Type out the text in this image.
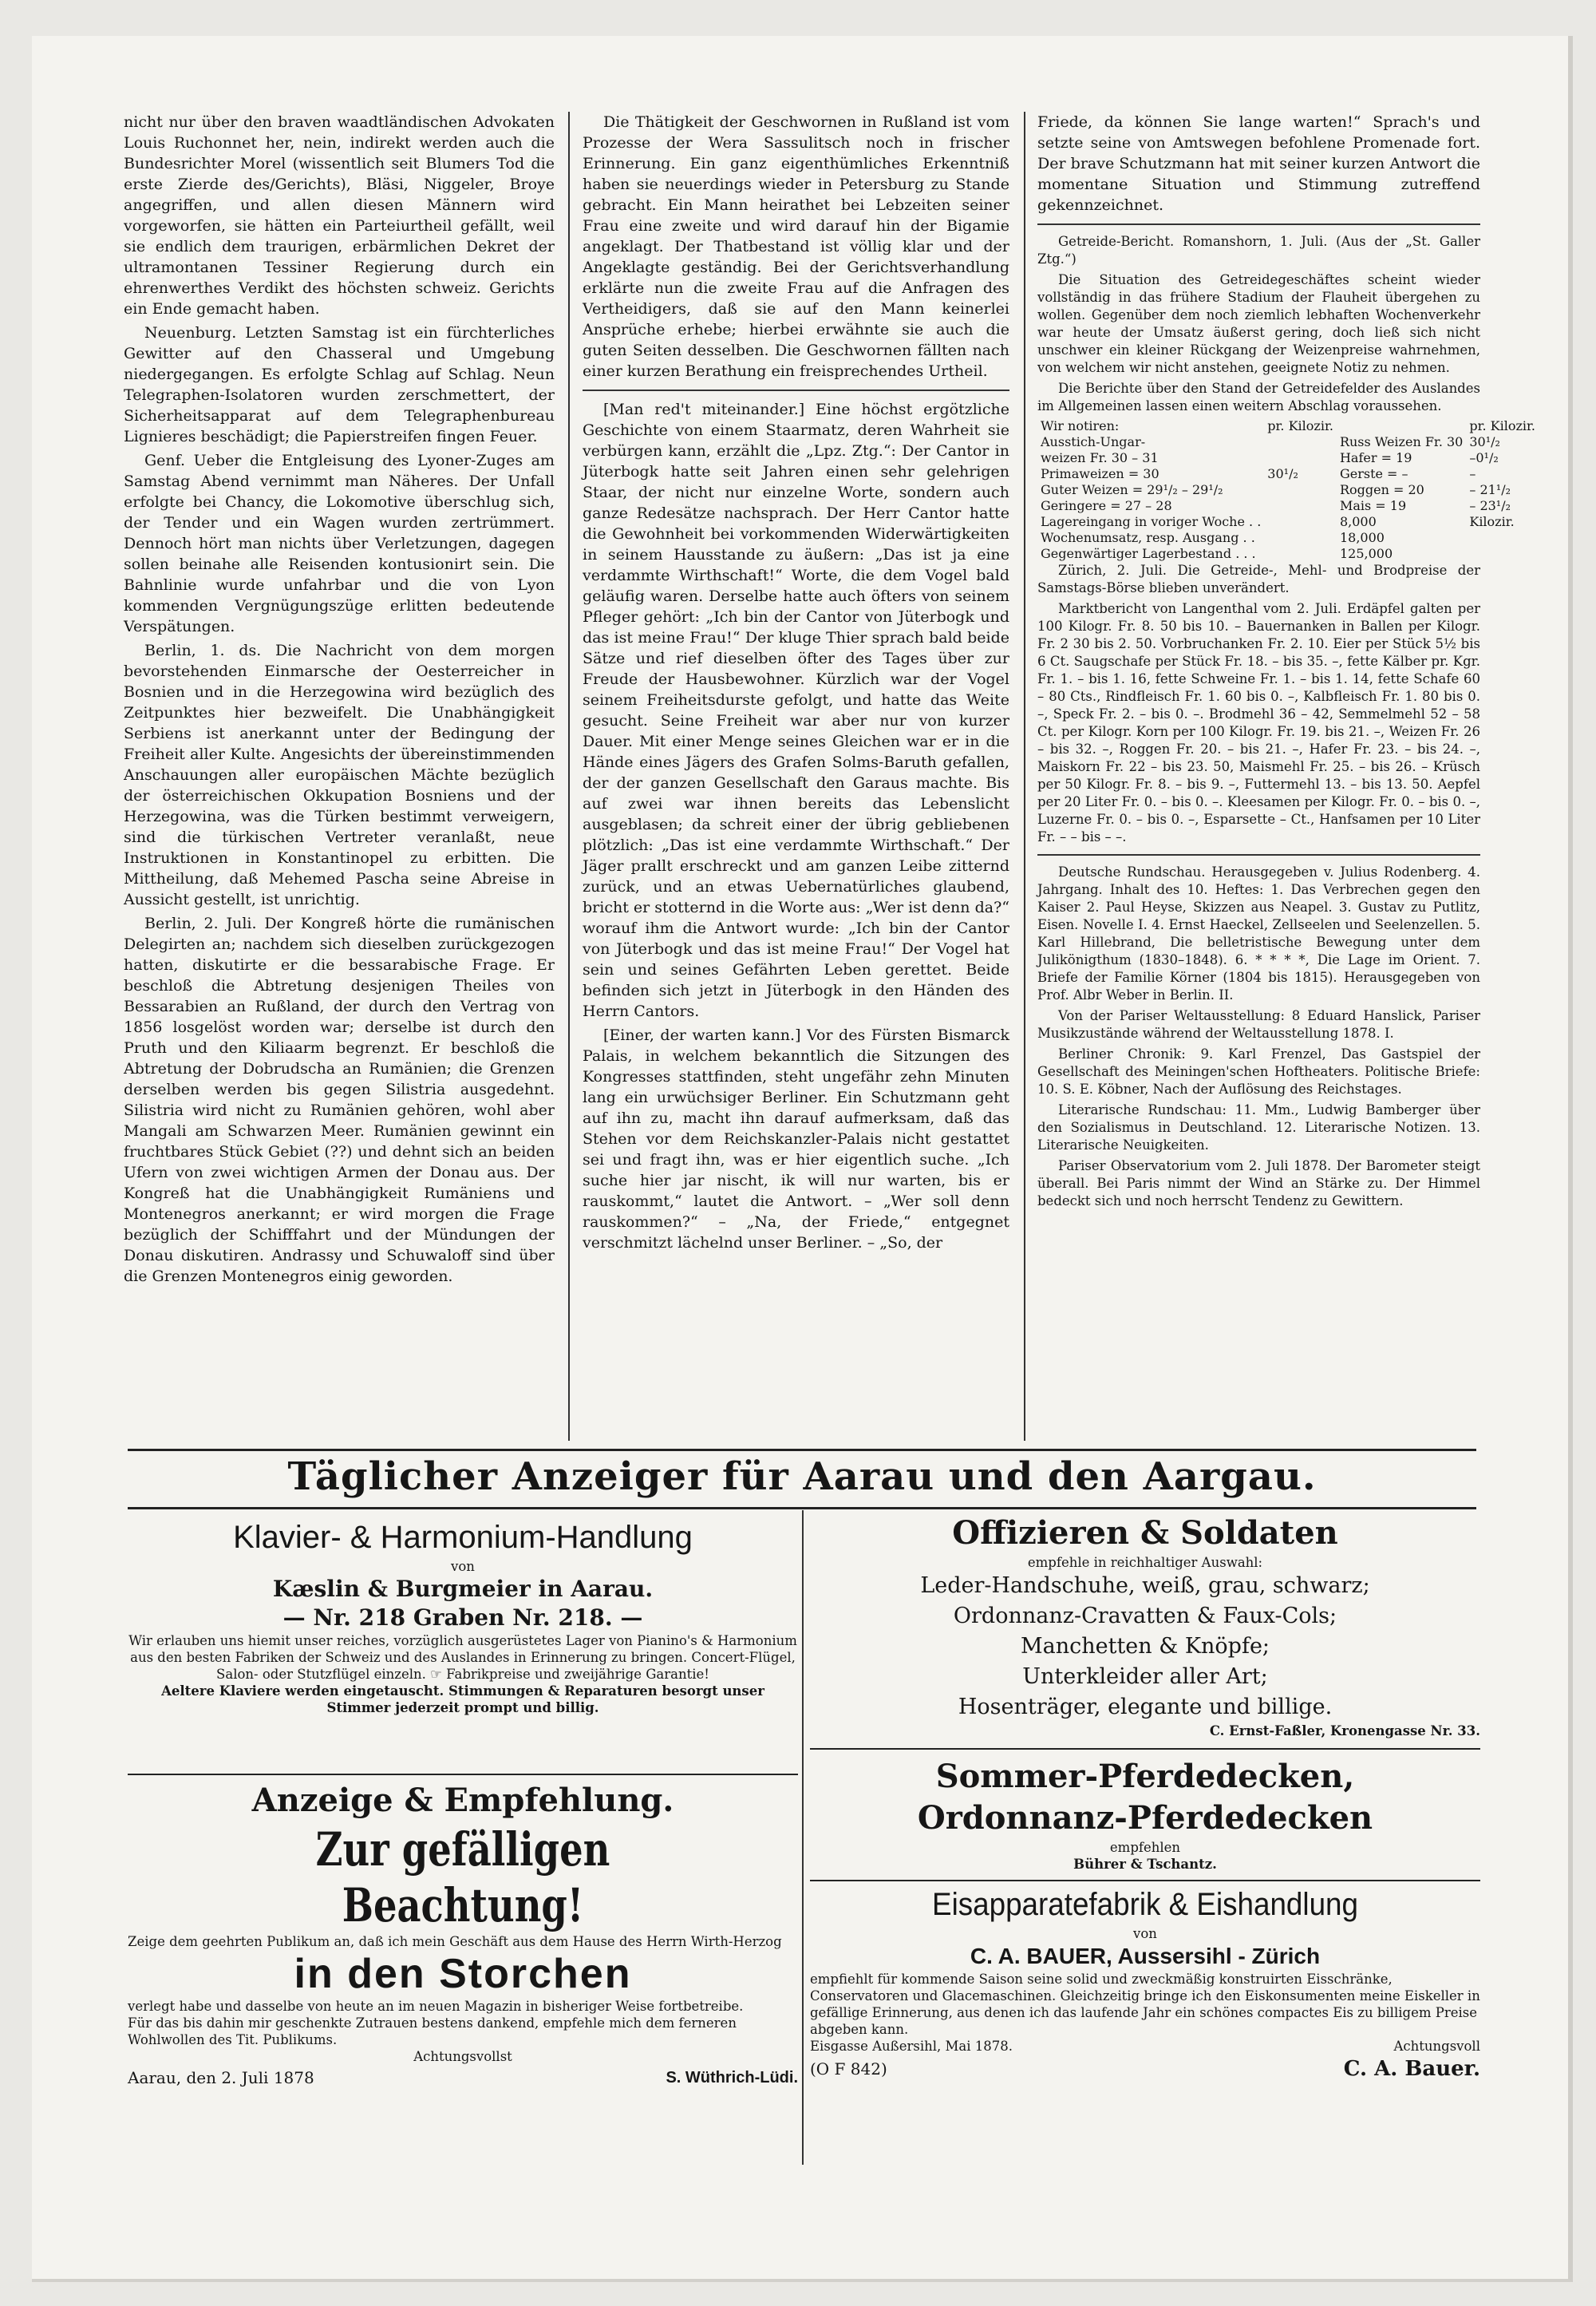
nicht nur über den braven waadtländischen Advokaten Louis Ruchonnet her, nein, indirekt werden auch die Bundesrichter Morel (wissentlich seit Blumers Tod die erste Zierde des/Gerichts), Bläsi, Niggeler, Broye angegriffen, und allen diesen Männern wird vorgeworfen, sie hätten ein Parteiurtheil gefällt, weil sie endlich dem traurigen, erbärmlichen Dekret der ultramontanen Tessiner Regierung durch ein ehrenwerthes Verdikt des höchsten schweiz. Gerichts ein Ende gemacht haben.

Neuenburg. Letzten Samstag ist ein fürchterliches Gewitter auf den Chasseral und Umgebung niedergegangen. Es erfolgte Schlag auf Schlag. Neun Telegraphen-Isolatoren wurden zerschmettert, der Sicherheitsapparat auf dem Telegraphenbureau Lignieres beschädigt; die Papierstreifen fingen Feuer.

Genf. Ueber die Entgleisung des Lyoner-Zuges am Samstag Abend vernimmt man Näheres. Der Unfall erfolgte bei Chancy, die Lokomotive überschlug sich, der Tender und ein Wagen wurden zertrümmert. Dennoch hört man nichts über Verletzungen, dagegen sollen beinahe alle Reisenden kontusionirt sein. Die Bahnlinie wurde unfahrbar und die von Lyon kommenden Vergnügungszüge erlitten bedeutende Verspätungen.

Berlin, 1. ds. Die Nachricht von dem morgen bevorstehenden Einmarsche der Oesterreicher in Bosnien und in die Herzegowina wird bezüglich des Zeitpunktes hier bezweifelt. Die Unabhängigkeit Serbiens ist anerkannt unter der Bedingung der Freiheit aller Kulte. Angesichts der übereinstimmenden Anschauungen aller europäischen Mächte bezüglich der österreichischen Okkupation Bosniens und der Herzegowina, was die Türken bestimmt verweigern, sind die türkischen Vertreter veranlaßt, neue Instruktionen in Konstantinopel zu erbitten. Die Mittheilung, daß Mehemed Pascha seine Abreise in Aussicht gestellt, ist unrichtig.

Berlin, 2. Juli. Der Kongreß hörte die rumänischen Delegirten an; nachdem sich dieselben zurückgezogen hatten, diskutirte er die bessarabische Frage. Er beschloß die Abtretung desjenigen Theiles von Bessarabien an Rußland, der durch den Vertrag von 1856 losgelöst worden war; derselbe ist durch den Pruth und den Kiliaarm begrenzt. Er beschloß die Abtretung der Dobrudscha an Rumänien; die Grenzen derselben werden bis gegen Silistria ausgedehnt. Silistria wird nicht zu Rumänien gehören, wohl aber Mangali am Schwarzen Meer. Rumänien gewinnt ein fruchtbares Stück Gebiet (??) und dehnt sich an beiden Ufern von zwei wichtigen Armen der Donau aus. Der Kongreß hat die Unabhängigkeit Rumäniens und Montenegros anerkannt; er wird morgen die Frage bezüglich der Schifffahrt und der Mündungen der Donau diskutiren. Andrassy und Schuwaloff sind über die Grenzen Montenegros einig geworden.

Die Thätigkeit der Geschwornen in Rußland ist vom Prozesse der Wera Sassulitsch noch in frischer Erinnerung. Ein ganz eigenthümliches Erkenntniß haben sie neuerdings wieder in Petersburg zu Stande gebracht. Ein Mann heirathet bei Lebzeiten seiner Frau eine zweite und wird darauf hin der Bigamie angeklagt. Der Thatbestand ist völlig klar und der Angeklagte geständig. Bei der Gerichtsverhandlung erklärte nun die zweite Frau auf die Anfragen des Vertheidigers, daß sie auf den Mann keinerlei Ansprüche erhebe; hierbei erwähnte sie auch die guten Seiten desselben. Die Geschwornen fällten nach einer kurzen Berathung ein freisprechendes Urtheil.

[Man red't miteinander.] Eine höchst ergötzliche Geschichte von einem Staarmatz, deren Wahrheit sie verbürgen kann, erzählt die „Lpz. Ztg.“: Der Cantor in Jüterbogk hatte seit Jahren einen sehr gelehrigen Staar, der nicht nur einzelne Worte, sondern auch ganze Redesätze nachsprach. Der Herr Cantor hatte die Gewohnheit bei vorkommenden Widerwärtigkeiten in seinem Hausstande zu äußern: „Das ist ja eine verdammte Wirthschaft!“ Worte, die dem Vogel bald geläufig waren. Derselbe hatte auch öfters von seinem Pfleger gehört: „Ich bin der Cantor von Jüterbogk und das ist meine Frau!“ Der kluge Thier sprach bald beide Sätze und rief dieselben öfter des Tages über zur Freude der Hausbewohner. Kürzlich war der Vogel seinem Freiheitsdurste gefolgt, und hatte das Weite gesucht. Seine Freiheit war aber nur von kurzer Dauer. Mit einer Menge seines Gleichen war er in die Hände eines Jägers des Grafen Solms-Baruth gefallen, der der ganzen Gesellschaft den Garaus machte. Bis auf zwei war ihnen bereits das Lebenslicht ausgeblasen; da schreit einer der übrig gebliebenen plötzlich: „Das ist eine verdammte Wirthschaft.“ Der Jäger prallt erschreckt und am ganzen Leibe zitternd zurück, und an etwas Uebernatürliches glaubend, bricht er stotternd in die Worte aus: „Wer ist denn da?“ worauf ihm die Antwort wurde: „Ich bin der Cantor von Jüterbogk und das ist meine Frau!“ Der Vogel hat sein und seines Gefährten Leben gerettet. Beide befinden sich jetzt in Jüterbogk in den Händen des Herrn Cantors.

[Einer, der warten kann.] Vor des Fürsten Bismarck Palais, in welchem bekanntlich die Sitzungen des Kongresses stattfinden, steht ungefähr zehn Minuten lang ein urwüchsiger Berliner. Ein Schutzmann geht auf ihn zu, macht ihn darauf aufmerksam, daß das Stehen vor dem Reichskanzler-Palais nicht gestattet sei und fragt ihn, was er hier eigentlich suche. „Ich suche hier jar nischt, ik will nur warten, bis er rauskommt,“ lautet die Antwort. – „Wer soll denn rauskommen?“ – „Na, der Friede,“ entgegnet verschmitzt lächelnd unser Berliner. – „So, der

Friede, da können Sie lange warten!“ Sprach's und setzte seine von Amtswegen befohlene Promenade fort. Der brave Schutzmann hat mit seiner kurzen Antwort die momentane Situation und Stimmung zutreffend gekennzeichnet.

Getreide-Bericht. Romanshorn, 1. Juli. (Aus der „St. Galler Ztg.“)

Die Situation des Getreidegeschäftes scheint wieder vollständig in das frühere Stadium der Flauheit übergehen zu wollen. Gegenüber dem noch ziemlich lebhaften Wochenverkehr war heute der Umsatz äußerst gering, doch ließ sich nicht unschwer ein kleiner Rückgang der Weizenpreise wahrnehmen, von welchem wir nicht anstehen, geeignete Notiz zu nehmen.

Die Berichte über den Stand der Getreidefelder des Auslandes im Allgemeinen lassen einen weitern Abschlag voraussehen.

Wir notiren:	pr. Kilozir.		pr. Kilozir.
Ausstich-Ungar-		Russ Weizen Fr. 30	30¹/₂
weizen Fr. 30 – 31		Hafer = 19	–0¹/₂
Primaweizen = 30	30¹/₂	Gerste = –	–
Guter Weizen = 29¹/₂ – 29¹/₂		Roggen = 20	– 21¹/₂
Geringere = 27 – 28		Mais = 19	– 23¹/₂
Lagereingang in voriger Woche . .		8,000	Kilozir.
Wochenumsatz, resp. Ausgang . .		18,000	
Gegenwärtiger Lagerbestand . . .		125,000	

Zürich, 2. Juli. Die Getreide-, Mehl- und Brodpreise der Samstags-Börse blieben unverändert.

Marktbericht von Langenthal vom 2. Juli. Erdäpfel galten per 100 Kilogr. Fr. 8. 50 bis 10. – Bauernanken in Ballen per Kilogr. Fr. 2 30 bis 2. 50. Vorbruchanken Fr. 2. 10. Eier per Stück 5½ bis 6 Ct. Saugschafe per Stück Fr. 18. – bis 35. –, fette Kälber pr. Kgr. Fr. 1. – bis 1. 16, fette Schweine Fr. 1. – bis 1. 14, fette Schafe 60 – 80 Cts., Rindfleisch Fr. 1. 60 bis 0. –, Kalbfleisch Fr. 1. 80 bis 0. –, Speck Fr. 2. – bis 0. –. Brodmehl 36 – 42, Semmelmehl 52 – 58 Ct. per Kilogr. Korn per 100 Kilogr. Fr. 19. bis 21. –, Weizen Fr. 26 – bis 32. –, Roggen Fr. 20. – bis 21. –, Hafer Fr. 23. – bis 24. –, Maiskorn Fr. 22 – bis 23. 50, Maismehl Fr. 25. – bis 26. – Krüsch per 50 Kilogr. Fr. 8. – bis 9. –, Futtermehl 13. – bis 13. 50. Aepfel per 20 Liter Fr. 0. – bis 0. –. Kleesamen per Kilogr. Fr. 0. – bis 0. –, Luzerne Fr. 0. – bis 0. –, Esparsette – Ct., Hanfsamen per 10 Liter Fr. – – bis – –.

Deutsche Rundschau. Herausgegeben v. Julius Rodenberg. 4. Jahrgang. Inhalt des 10. Heftes: 1. Das Verbrechen gegen den Kaiser 2. Paul Heyse, Skizzen aus Neapel. 3. Gustav zu Putlitz, Eisen. Novelle I. 4. Ernst Haeckel, Zellseelen und Seelenzellen. 5. Karl Hillebrand, Die belletristische Bewegung unter dem Julikönigthum (1830–1848). 6. * * * *, Die Lage im Orient. 7. Briefe der Familie Körner (1804 bis 1815). Herausgegeben von Prof. Albr Weber in Berlin. II.

Von der Pariser Weltausstellung: 8 Eduard Hanslick, Pariser Musikzustände während der Weltausstellung 1878. I.

Berliner Chronik: 9. Karl Frenzel, Das Gastspiel der Gesellschaft des Meiningen'schen Hoftheaters. Politische Briefe: 10. S. E. Köbner, Nach der Auflösung des Reichstages.

Literarische Rundschau: 11. Mm., Ludwig Bamberger über den Sozialismus in Deutschland. 12. Literarische Notizen. 13. Literarische Neuigkeiten.

Pariser Observatorium vom 2. Juli 1878. Der Barometer steigt überall. Bei Paris nimmt der Wind an Stärke zu. Der Himmel bedeckt sich und noch herrscht Tendenz zu Gewittern.

Täglicher Anzeiger für Aarau und den Aargau.
Klavier- & Harmonium-Handlung
von
Kæslin & Burgmeier in Aarau.
— Nr. 218 Graben Nr. 218. —
Wir erlauben uns hiemit unser reiches, vorzüglich ausgerüstetes Lager von Pianino's & Harmonium aus den besten Fabriken der Schweiz und des Auslandes in Erinnerung zu bringen. Concert-Flügel, Salon- oder Stutzflügel einzeln. ☞ Fabrikpreise und zweijährige Garantie!
Aeltere Klaviere werden eingetauscht. Stimmungen & Reparaturen besorgt unser Stimmer jederzeit prompt und billig.
Anzeige & Empfehlung.
Zur gefälligen Beachtung!
Zeige dem geehrten Publikum an, daß ich mein Geschäft aus dem Hause des Herrn Wirth-Herzog
in den Storchen
verlegt habe und dasselbe von heute an im neuen Magazin in bisheriger Weise fortbetreibe.
Für das bis dahin mir geschenkte Zutrauen bestens dankend, empfehle mich dem ferneren Wohlwollen des Tit. Publikums.
Achtungsvollst
Aarau, den 2. Juli 1878	S. Wüthrich-Lüdi.
Offizieren & Soldaten
empfehle in reichhaltiger Auswahl:
Leder-Handschuhe, weiß, grau, schwarz;
Ordonnanz-Cravatten & Faux-Cols;
Manchetten & Knöpfe;
Unterkleider aller Art;
Hosenträger, elegante und billige.
C. Ernst-Faßler, Kronengasse Nr. 33.
Sommer-Pferdedecken,
Ordonnanz-Pferdedecken
empfehlen
Bührer & Tschantz.
Eisapparatefabrik & Eishandlung
von
C. A. BAUER, Aussersihl - Zürich
empfiehlt für kommende Saison seine solid und zweckmäßig konstruirten Eisschränke, Conservatoren und Glacemaschinen. Gleichzeitig bringe ich den Eiskonsumenten meine Eiskeller in gefällige Erinnerung, aus denen ich das laufende Jahr ein schönes compactes Eis zu billigem Preise abgeben kann.
Eisgasse Außersihl, Mai 1878.	Achtungsvoll
(O F 842)	C. A. Bauer.
